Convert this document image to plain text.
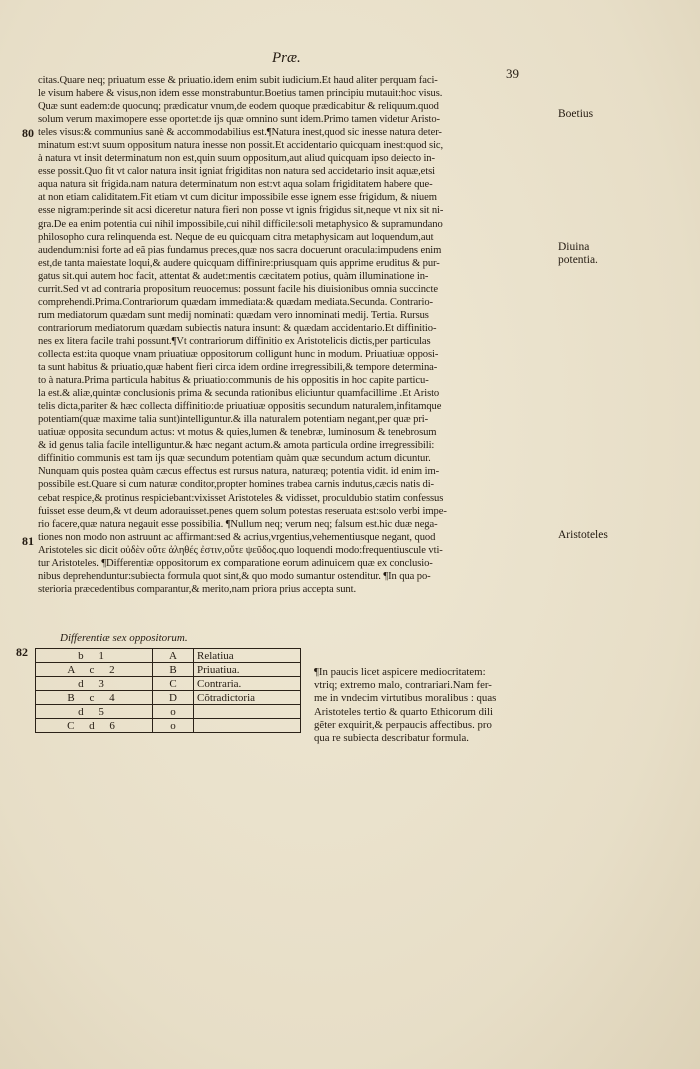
Præ.
39
80
81
82
Boetius
Diuina potentia.
Aristoteles
citas.Quare neq; priuatum esse & priuatio.idem enim subit iudicium.Et haud aliter perquam faci-
le visum habere & visus,non idem esse monstrabuntur.Boetius tamen principiu mutauit:hoc visus.
Quæ sunt eadem:de quocunq; prædicatur vnum,de eodem quoque prædicabitur & reliquum.quod
solum verum maximopere esse oportet:de ijs quæ omnino sunt idem.Primo tamen videtur Aristo-
teles visus:& communius sanè & accommodabilius est.¶Natura inest,quod sic inesse natura deter-
minatum est:vt suum oppositum natura inesse non possit.Et accidentario quicquam inest:quod sic,
à natura vt insit determinatum non est,quin suum oppositum,aut aliud quicquam ipso deiecto in-
esse possit.Quo fit vt calor natura insit igniat frigiditas non natura sed accidetario insit aquæ,etsi
aqua natura sit frigida.nam natura determinatum non est:vt aqua solam frigiditatem habere que-
at non etiam caliditatem.Fit etiam vt cum dicitur impossibile esse ignem esse frigidum, & niuem
esse nigram:perinde sit acsi diceretur natura fieri non posse vt ignis frigidus sit,neque vt nix sit ni-
gra.De ea enim potentia cui nihil impossibile,cui nihil difficile:soli metaphysico & supramundano
philosopho cura relinquenda est. Neque de eu quicquam citra metaphysicam aut loquendum,aut
audendum:nisi forte ad eã pias fundamus preces,quæ nos sacra docuerunt oracula:impudens enim
est,de tanta maiestate loqui,& audere quicquam diffinire:priusquam quis apprime eruditus & pur-
gatus sit.qui autem hoc facit, attentat & audet:mentis cæcitatem potius, quàm illuminatione in-
currit.Sed vt ad contraria propositum reuocemus: possunt facile his diuisionibus omnia succincte
comprehendi.Prima.Contrariorum quædam immediata:& quædam mediata.Secunda. Contrario-
rum mediatorum quædam sunt medij nominati: quædam vero innominati medij. Tertia. Rursus
contrariorum mediatorum quædam subiectis natura insunt: & quædam accidentario.Et diffinitio-
nes ex litera facile trahi possunt.¶Vt contrariorum diffinitio ex Aristotelicis dictis,per particulas
collecta est:ita quoque vnam priuatiuæ oppositorum colligunt hunc in modum. Priuatiuæ opposi-
ta sunt habitus & priuatio,quæ habent fieri circa idem ordine irregressibili,& tempore determina-
to à natura.Prima particula habitus & priuatio:communis de his oppositis in hoc capite particu-
la est.& aliæ,quintæ conclusionis prima & secunda rationibus eliciuntur quamfacillime .Et Aristo
telis dicta,pariter & hæc collecta diffinitio:de priuatiuæ oppositis secundum naturalem,infitamque
potentiam(quæ maxime talia sunt)intelliguntur.& illa naturalem potentiam negant,per quæ pri-
uatiuæ opposita secundum actus: vt motus & quies,lumen & tenebræ, luminosum & tenebrosum
& id genus talia facile intelliguntur.& hæc negant actum.& amota particula ordine irregressibili:
diffinitio communis est tam ijs quæ secundum potentiam quàm quæ secundum actum dicuntur.
Nunquam quis postea quàm cæcus effectus est rursus natura, naturæq; potentia vidit. id enim im-
possibile est.Quare si cum naturæ conditor,propter homines trabea carnis indutus,cæcis natis di-
cebat respice,& protinus respiciebant:vixisset Aristoteles & vidisset, proculdubio statim confessus
fuisset esse deum,& vt deum adorauisset.penes quem solum potestas reseruata est:solo verbi impe-
rio facere,quæ natura negauit esse possibilia. ¶Nullum neq; verum neq; falsum est.hic duæ nega-
tiones non modo non astruunt ac affirmant:sed & acrius,vrgentius,vehementiusque negant, quod
Aristoteles sic dicit οὐδὲν οὔτε ἀληθές ἐστιν,οὔτε ψεῦδος.quo loquendi modo:frequentiuscule vti-
tur Aristoteles. ¶Differentiæ oppositorum ex comparatione eorum adinuicem quæ ex conclusio-
nibus deprehenduntur:subiecta formula quot sint,& quo modo sumantur ostenditur. ¶In qua po-
sterioria præcedentibus comparantur,& merito,nam priora prius accepta sunt.
Differentiæ sex oppositorum.
b 1	A	Relatiua
A c 2	B	Priuatiua.
d 3	C	Contraria.
B c 4	D	Cõtradictoria
d 5	o	
C d 6	o	
¶In paucis licet aspicere mediocritatem:
vtriq; extremo malo, contrariari.Nam fer-
me in vndecim virtutibus moralibus : quas
Aristoteles tertio & quarto Ethicorum dili
gẽter exquirit,& perpaucis affectibus. pro
qua re subiecta describatur formula.
